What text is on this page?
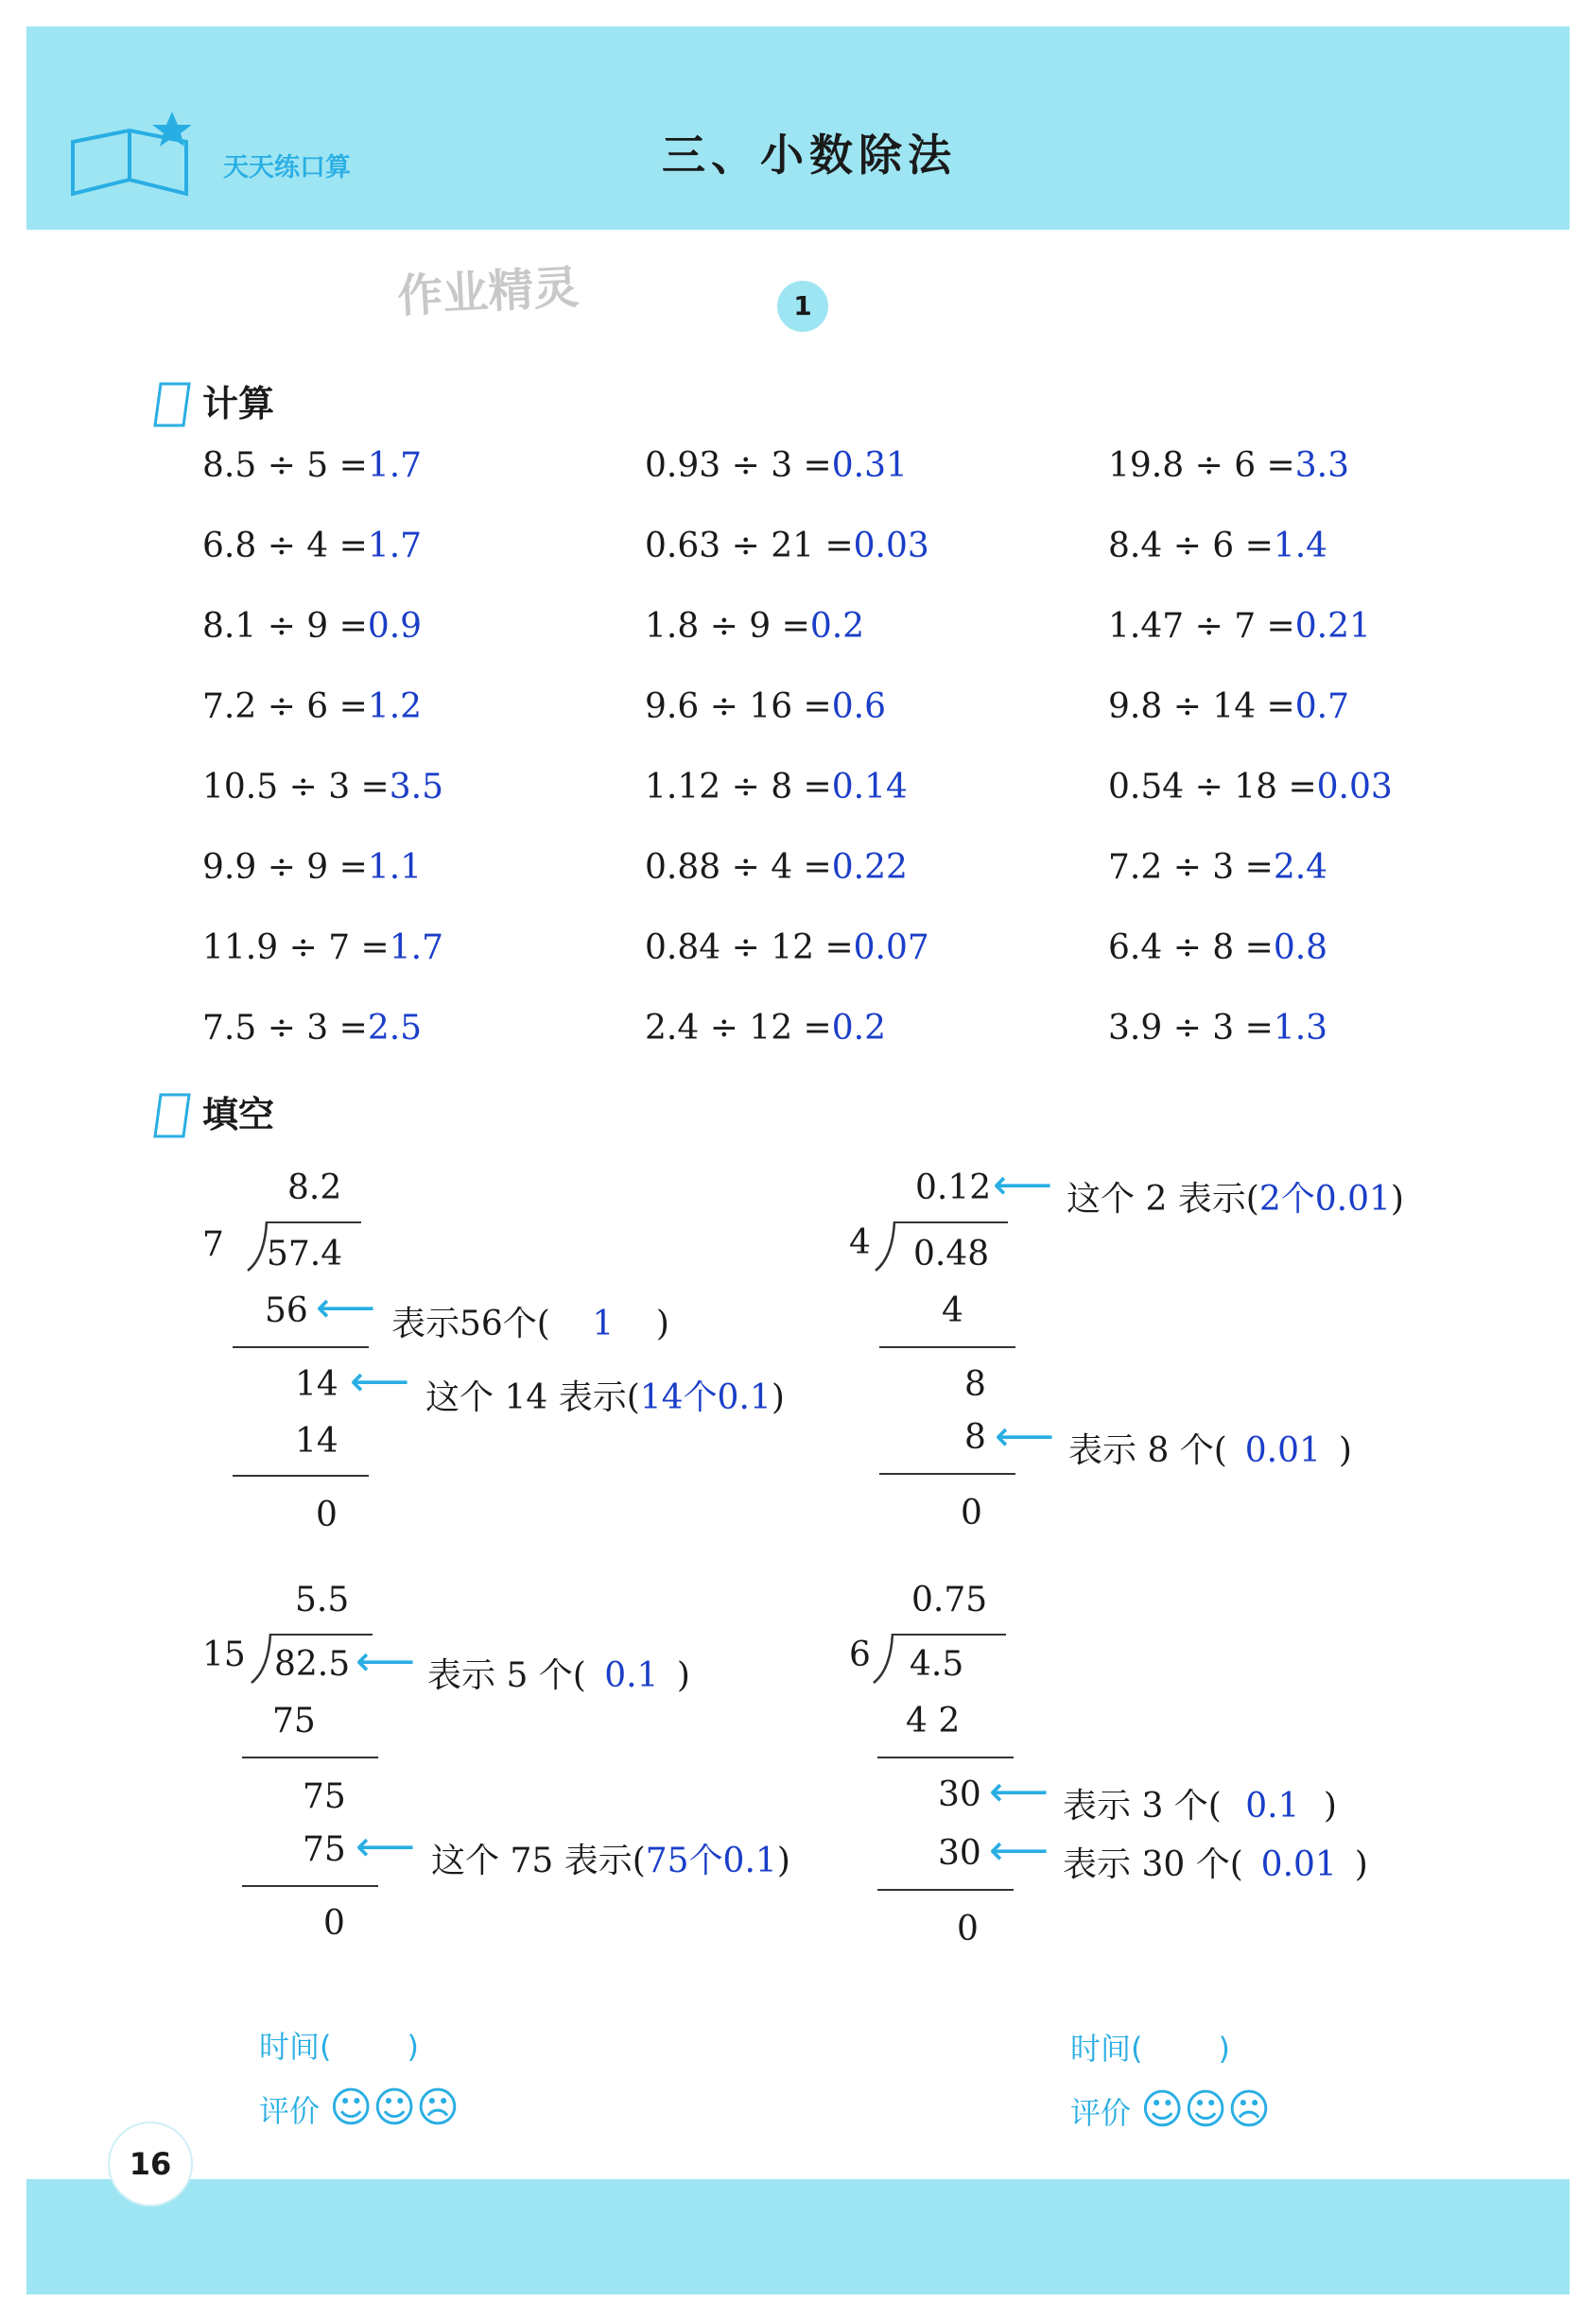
天天练口算	三、小数除法
作业精灵	1
计算
8.5 ÷ 5 =1.7	0.93 ÷ 3 =0.31	19.8 ÷ 6 =3.3
6.8 ÷ 4 =1.7	0.63 ÷ 21 =0.03	8.4 ÷ 6 =1.4
8.1 ÷ 9 =0.9	1.8 ÷ 9 =0.2	1.47 ÷ 7 =0.21
7.2 ÷ 6 =1.2	9.6 ÷ 16 =0.6	9.8 ÷ 14 =0.7
10.5 ÷ 3 =3.5	1.12 ÷ 8 =0.14	0.54 ÷ 18 =0.03
9.9 ÷ 9 =1.1	0.88 ÷ 4 =0.22	7.2 ÷ 3 =2.4
11.9 ÷ 7 =1.7	0.84 ÷ 12 =0.07	6.4 ÷ 8 =0.8
7.5 ÷ 3 =2.5	2.4 ÷ 12 =0.2	3.9 ÷ 3 =1.3
填空
8.2
7 57.4
56 ⟵ 表示56个( 1 )
14 ⟵ 这个 14 表示(14个0.1)
14
0
0.12 ⟵ 这个 2 表示(2个0.01)
4 0.48
4
8
8 ⟵ 表示 8 个( 0.01 )
0
5.5
15 82.5 ⟵ 表示 5 个( 0.1 )
75
75
75 ⟵ 这个 75 表示(75个0.1)
0
0.75
6 4.5
4 2
30 ⟵ 表示 3 个( 0.1 )
30 ⟵ 表示 30 个( 0.01 )
0
时间(	)
评价 ☺☺☹
时间(	)
评价 ☺☺☹
16
